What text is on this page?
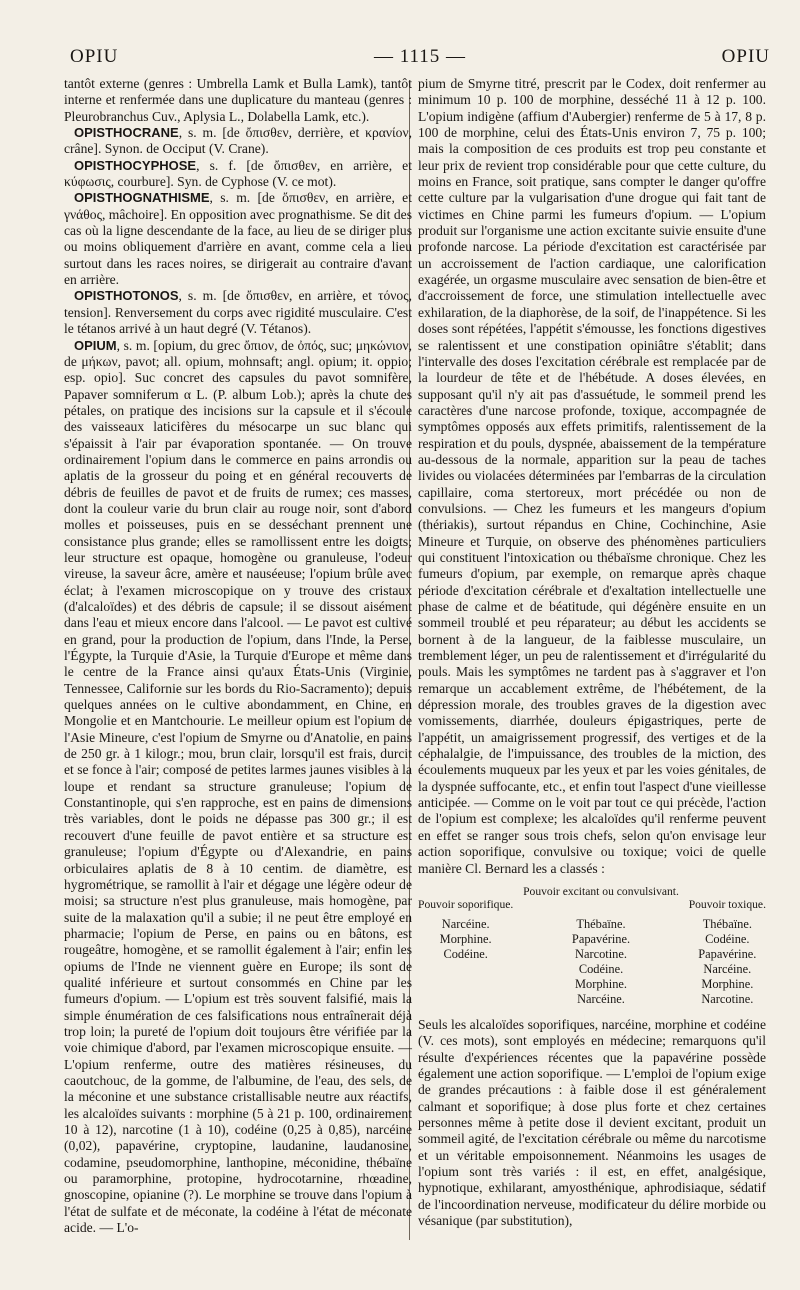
OPIU	— 1115 —	OPIU

tantôt externe (genres : Umbrella Lamk et Bulla Lamk), tantôt interne et renfermée dans une duplicature du manteau (genres : Pleurobranchus Cuv., Aplysia L., Dolabella Lamk, etc.).

OPISTHOCRANE, s. m. [de ὄπισθεν, derrière, et κρανίον, crâne]. Synon. de Occiput (V. Crane).

OPISTHOCYPHOSE, s. f. [de ὄπισθεν, en arrière, et κύφωσις, courbure]. Syn. de Cyphose (V. ce mot).

OPISTHOGNATHISME, s. m. [de ὄπισθεν, en arrière, et γνάθος, mâchoire]. En opposition avec prognathisme. Se dit des cas où la ligne descendante de la face, au lieu de se diriger plus ou moins obliquement d'arrière en avant, comme cela a lieu surtout dans les races noires, se dirigerait au contraire d'avant en arrière.

OPISTHOTONOS, s. m. [de ὄπισθεν, en arrière, et τόνος, tension]. Renversement du corps avec rigidité musculaire. C'est le tétanos arrivé à un haut degré (V. Tétanos).

OPIUM, s. m. [opium, du grec ὄπιον, de ὀπός, suc; μηκώνιον, de μήκων, pavot; all. opium, mohnsaft; angl. opium; it. oppio; esp. opio]. Suc concret des capsules du pavot somnifère, Papaver somniferum α L. (P. album Lob.); après la chute des pétales, on pratique des incisions sur la capsule et il s'écoule des vaisseaux laticifères du mésocarpe un suc blanc qui s'épaissit à l'air par évaporation spontanée. — On trouve ordinairement l'opium dans le commerce en pains arrondis ou aplatis de la grosseur du poing et en général recouverts de débris de feuilles de pavot et de fruits de rumex; ces masses, dont la couleur varie du brun clair au rouge noir, sont d'abord molles et poisseuses, puis en se desséchant prennent une consistance plus grande; elles se ramollissent entre les doigts; leur structure est opaque, homogène ou granuleuse, l'odeur vireuse, la saveur âcre, amère et nauséeuse; l'opium brûle avec éclat; à l'examen microscopique on y trouve des cristaux (d'alcaloïdes) et des débris de capsule; il se dissout aisément dans l'eau et mieux encore dans l'alcool. — Le pavot est cultivé en grand, pour la production de l'opium, dans l'Inde, la Perse, l'Égypte, la Turquie d'Asie, la Turquie d'Europe et même dans le centre de la France ainsi qu'aux États-Unis (Virginie, Tennessee, Californie sur les bords du Rio-Sacramento); depuis quelques années on le cultive abondamment, en Chine, en Mongolie et en Mantchourie. Le meilleur opium est l'opium de l'Asie Mineure, c'est l'opium de Smyrne ou d'Anatolie, en pains de 250 gr. à 1 kilogr.; mou, brun clair, lorsqu'il est frais, durcit et se fonce à l'air; composé de petites larmes jaunes visibles à la loupe et rendant sa structure granuleuse; l'opium de Constantinople, qui s'en rapproche, est en pains de dimensions très variables, dont le poids ne dépasse pas 300 gr.; il est recouvert d'une feuille de pavot entière et sa structure est granuleuse; l'opium d'Égypte ou d'Alexandrie, en pains orbiculaires aplatis de 8 à 10 centim. de diamètre, est hygrométrique, se ramollit à l'air et dégage une légère odeur de moisi; sa structure n'est plus granuleuse, mais homogène, par suite de la malaxation qu'il a subie; il ne peut être employé en pharmacie; l'opium de Perse, en pains ou en bâtons, est rougeâtre, homogène, et se ramollit également à l'air; enfin les opiums de l'Inde ne viennent guère en Europe; ils sont de qualité inférieure et surtout consommés en Chine par les fumeurs d'opium. — L'opium est très souvent falsifié, mais la simple énumération de ces falsifications nous entraînerait déjà trop loin; la pureté de l'opium doit toujours être vérifiée par la voie chimique d'abord, par l'examen microscopique ensuite. — L'opium renferme, outre des matières résineuses, du caoutchouc, de la gomme, de l'albumine, de l'eau, des sels, de la méconine et une substance cristallisable neutre aux réactifs, les alcaloïdes suivants : morphine (5 à 21 p. 100, ordinairement 10 à 12), narcotine (1 à 10), codéine (0,25 à 0,85), narcéine (0,02), papavérine, cryptopine, laudanine, laudanosine, codamine, pseudomorphine, lanthopine, méconidine, thébaïne ou paramorphine, protopine, hydrocotarnine, rhœadine, gnoscopine, opianine (?). Le morphine se trouve dans l'opium à l'état de sulfate et de méconate, la codéine à l'état de méconate acide. — L'o-

pium de Smyrne titré, prescrit par le Codex, doit renfermer au minimum 10 p. 100 de morphine, desséché 11 à 12 p. 100. L'opium indigène (affium d'Aubergier) renferme de 5 à 17, 8 p. 100 de morphine, celui des États-Unis environ 7, 75 p. 100; mais la composition de ces produits est trop peu constante et leur prix de revient trop considérable pour que cette culture, du moins en France, soit pratique, sans compter le danger qu'offre cette culture par la vulgarisation d'une drogue qui fait tant de victimes en Chine parmi les fumeurs d'opium. — L'opium produit sur l'organisme une action excitante suivie ensuite d'une profonde narcose. La période d'excitation est caractérisée par un accroissement de l'action cardiaque, une calorification exagérée, un orgasme musculaire avec sensation de bien-être et d'accroissement de force, une stimulation intellectuelle avec exhilaration, de la diaphorèse, de la soif, de l'inappétence. Si les doses sont répétées, l'appétit s'émousse, les fonctions digestives se ralentissent et une constipation opiniâtre s'établit; dans l'intervalle des doses l'excitation cérébrale est remplacée par de la lourdeur de tête et de l'hébétude. A doses élevées, en supposant qu'il n'y ait pas d'assuétude, le sommeil prend les caractères d'une narcose profonde, toxique, accompagnée de symptômes opposés aux effets primitifs, ralentissement de la respiration et du pouls, dyspnée, abaissement de la température au-dessous de la normale, apparition sur la peau de taches livides ou violacées déterminées par l'embarras de la circulation capillaire, coma stertoreux, mort précédée ou non de convulsions. — Chez les fumeurs et les mangeurs d'opium (thériakis), surtout répandus en Chine, Cochinchine, Asie Mineure et Turquie, on observe des phénomènes particuliers qui constituent l'intoxication ou thébaïsme chronique. Chez les fumeurs d'opium, par exemple, on remarque après chaque période d'excitation cérébrale et d'exaltation intellectuelle une phase de calme et de béatitude, qui dégénère ensuite en un sommeil troublé et peu réparateur; au début les accidents se bornent à de la langueur, de la faiblesse musculaire, un tremblement léger, un peu de ralentissement et d'irrégularité du pouls. Mais les symptômes ne tardent pas à s'aggraver et l'on remarque un accablement extrême, de l'hébétement, de la dépression morale, des troubles graves de la digestion avec vomissements, diarrhée, douleurs épigastriques, perte de l'appétit, un amaigrissement progressif, des vertiges et de la céphalalgie, de l'impuissance, des troubles de la miction, des écoulements muqueux par les yeux et par les voies génitales, de la dyspnée suffocante, etc., et enfin tout l'aspect d'une vieillesse anticipée. — Comme on le voit par tout ce qui précède, l'action de l'opium est complexe; les alcaloïdes qu'il renferme peuvent en effet se ranger sous trois chefs, selon qu'on envisage leur action soporifique, convulsive ou toxique; voici de quelle manière Cl. Bernard les a classés :

Pouvoir soporifique.
Narcéine.
Morphine.
Codéine.
Pouvoir excitant ou convulsivant.
Thébaïne.
Papavérine.
Narcotine.
Codéine.
Morphine.
Narcéine.
Pouvoir toxique.
Thébaïne.
Codéine.
Papavérine.
Narcéine.
Morphine.
Narcotine.

Seuls les alcaloïdes soporifiques, narcéine, morphine et codéine (V. ces mots), sont employés en médecine; remarquons qu'il résulte d'expériences récentes que la papavérine possède également une action soporifique. — L'emploi de l'opium exige de grandes précautions : à faible dose il est généralement calmant et soporifique; à dose plus forte et chez certaines personnes même à petite dose il devient excitant, produit un sommeil agité, de l'excitation cérébrale ou même du narcotisme et un véritable empoisonnement. Néanmoins les usages de l'opium sont très variés : il est, en effet, analgésique, hypnotique, exhilarant, amyosthénique, aphrodisiaque, sédatif de l'incoordination nerveuse, modificateur du délire morbide ou vésanique (par substitution),
